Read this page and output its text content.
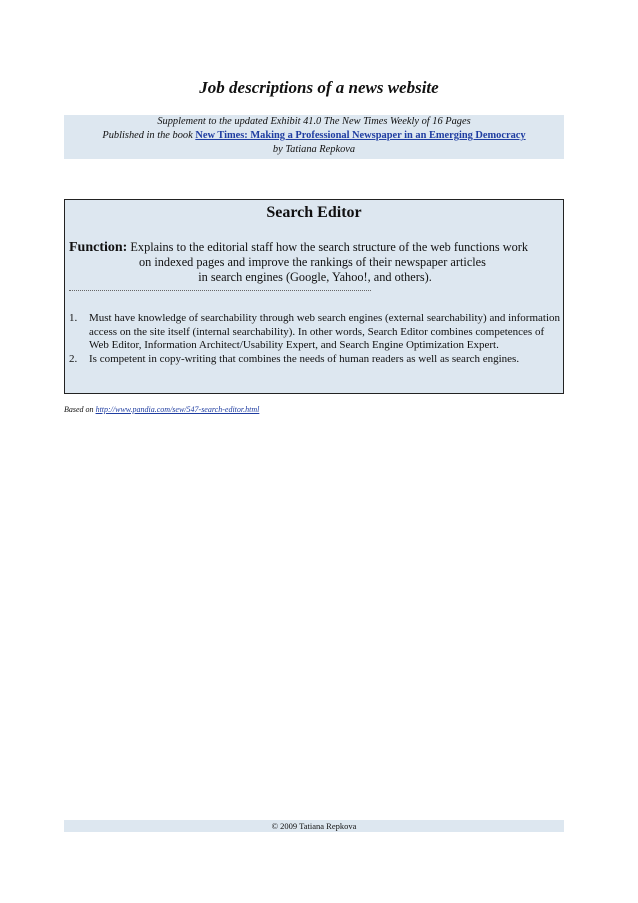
Job descriptions of a news website
Supplement to the updated Exhibit 41.0 The New Times Weekly of 16 Pages
Published in the book New Times: Making a Professional Newspaper in an Emerging Democracy
by Tatiana Repkova
Search Editor
Function: Explains to the editorial staff how the search structure of the web functions work
on indexed pages and improve the rankings of their newspaper articles
in search engines (Google, Yahoo!, and others).
1. Must have knowledge of searchability through web search engines (external searchability) and information access on the site itself (internal searchability). In other words, Search Editor combines competences of Web Editor, Information Architect/Usability Expert, and Search Engine Optimization Expert.
2. Is competent in copy-writing that combines the needs of human readers as well as search engines.
Based on http://www.pandia.com/sew/547-search-editor.html
© 2009 Tatiana Repkova
